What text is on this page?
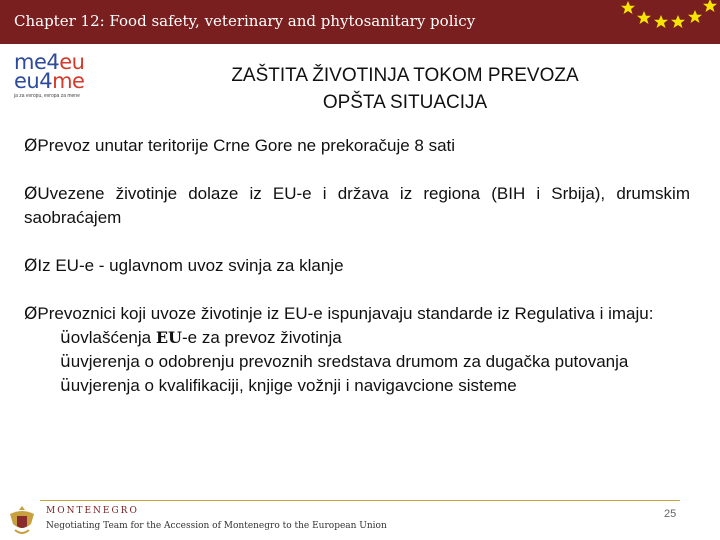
Chapter 12: Food safety, veterinary and phytosanitary policy
me4eu
eu4me
ja za evropu, evropa za mene
ZAŠTITA ŽIVOTINJA TOKOM PREVOZA
OPŠTA SITUACIJA

ØPrevoz unutar teritorije Crne Gore ne prekoračuje 8 sati

ØUvezene životinje dolaze iz EU-e i država iz regiona (BIH i Srbija), drumskim saobraćajem

ØIz EU-e - uglavnom uvoz svinja za klanje

ØPrevoznici koji uvoze životinje iz EU-e ispunjavaju standarde iz Regulativa i imaju:

üovlašćenja EU-e za prevoz životinja
üuvjerenja o odobrenju prevoznih sredstava drumom za dugačka putovanja
üuvjerenja o kvalifikaciji, knjige vožnji i navigavcione sisteme
MONTENEGRO
Negotiating Team for the Accession of Montenegro to the European Union
25
